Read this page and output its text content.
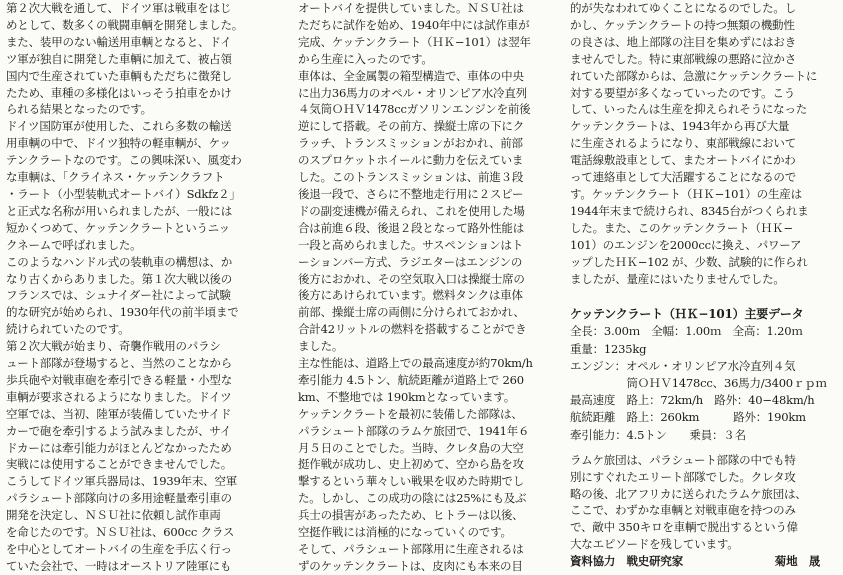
第２次大戦を通して、ドイツ軍は戦車をはじ

めとして、数多くの戦闘車輌を開発しました。

また、装甲のない輸送用車輌となると、ドイ

ツ軍が独自に開発した車輌に加えて、被占領

国内で生産されていた車輌もただちに徴発し

たため、車種の多様化はいっそう拍車をかけ

られる結果となったのです。

ドイツ国防軍が使用した、これら多数の輸送

用車輌の中で、ドイツ独特の軽車輌が、ケッ

テンクラートなのです。この興味深い、風変わ

な車輌は、「クライネス・ケッテンクラフト

・ラート（小型装軌式オートバイ）Sdkfz２」

と正式な名称が用いられましたが、一般には

短かくつめて、ケッテンクラートというニッ

クネームで呼ばれました。

このようなハンドル式の装軌車の構想は、か

なり古くからありました。第１次大戦以後の

フランスでは、シュナイダー社によって試験

的な研究が始められ、1930年代の前半頃まで

続けられていたのです。

第２次大戦が始まり、奇襲作戦用のパラシ

ュート部隊が登場すると、当然のことなから

歩兵砲や対戦車砲を牽引できる軽量・小型な

車輌が要求されるようになりました。ドイツ

空軍では、当初、陸軍が装備していたサイド

カーで砲を牽引するよう試みましたが、サイ

ドカーには牽引能力がほとんどなかったため

実戦には使用することができませんでした。

こうしてドイツ軍兵器局は、1939年末、空軍

パラシュート部隊向けの多用途軽量牽引車の

開発を決定し、ＮＳＵ社に依頼し試作車両

を命じたのです。ＮＳＵ社は、600cc クラス

を中心としてオートバイの生産を手広く行っ

ていた会社で、一時はオーストリア陸軍にも

オートバイを提供していました。ＮＳＵ社は

ただちに試作を始め、1940年中には試作車が

完成、ケッテンクラート（ＨＫ−101）は翌年

から生産に入ったのです。

車体は、全金属製の箱型構造で、車体の中央

に出力36馬力のオペル・オリンピア水冷直列

４気筒ＯＨＶ1478ccガソリンエンジンを前後

逆にして搭載。その前方、操縦士席の下にク

ラッチ、トランスミッションがおかれ、前部

のスプロケットホイールに動力を伝えていま

した。このトランスミッションは、前進３段

後退一段で、さらに不整地走行用に２スピー

ドの副変速機が備えられ、これを使用した場

合は前進６段、後退２段となって路外性能は

一段と高められました。サスペンションはト

ーションバー方式、ラジエターはエンジンの

後方におかれ、その空気取入口は操縦士席の

後方にあけられています。燃料タンクは車体

前部、操縦士席の両側に分けられておかれ、

合計42リットルの燃料を搭載することができ

ました。

主な性能は、道路上での最高速度が約70km/h

牽引能力 4.5トン、航続距離が道路上で 260

km、不整地では 190kmとなっています。

ケッテンクラートを最初に装備した部隊は、

パラシュート部隊のラムケ旅団で、1941年６

月５日のことでした。当時、クレタ島の大空

挺作戦が成功し、史上初めて、空から島を攻

撃するという華々しい戦果を収めた時期でし

た。しかし、この成功の陰には25%にも及ぶ

兵士の損害があったため、ヒトラーは以後、

空挺作戦には消極的になっていくのです。

そして、パラシュート部隊用に生産されるは

ずのケッテンクラートは、皮肉にも本来の目

的が失なわれてゆくことになるのでした。し

かし、ケッテンクラートの持つ無類の機動性

の良さは、地上部隊の注目を集めずにはおき

ませんでした。特に東部戦線の悪路に泣かさ

れていた部隊からは、急激にケッテンクラートに

対する要望が多くなっていったのです。こう

して、いったんは生産を抑えられそうになった

ケッテンクラートは、1943年から再び大量

に生産されるようになり、東部戦線において

電話線敷設車として、またオートバイにかわ

って連絡車として大活躍することになるので

す。ケッテンクラート（ＨＫ−101）の生産は

1944年末まで続けられ、8345台がつくられま

した。また、このケッテンクラート（ＨＫ−

101）のエンジンを2000ccに換え、パワーア

ップしたＨＫ−102 が、少数、試験的に作られ

ましたが、量産にはいたりませんでした。

ケッテンクラート（ＨＫ−101）主要データ

全長：3.00ｍ　全幅：1.00ｍ　全高：1.20ｍ
重量：1235kg
エンジン：オペル・オリンピア水冷直列４気
　　　　　筒ＯＨＶ1478cc、36馬力/3400ｒｐｍ
最高速度　路上：72km/h　路外：40−48km/h
航続距離　路上：260km　　　路外：190km
牽引能力：4.5トン　　乗員：３名

ラムケ旅団は、パラシュート部隊の中でも特

別にすぐれたエリート部隊でした。クレタ攻

略の後、北アフリカに送られたラムケ旅団は、

ここで、わずかな車輌と対戦車砲を持つのみ

で、敵中 350キロを車輌で脱出するという偉

大なエピソードを残しています。

資料協力　戦史研究家	菊地　晟
